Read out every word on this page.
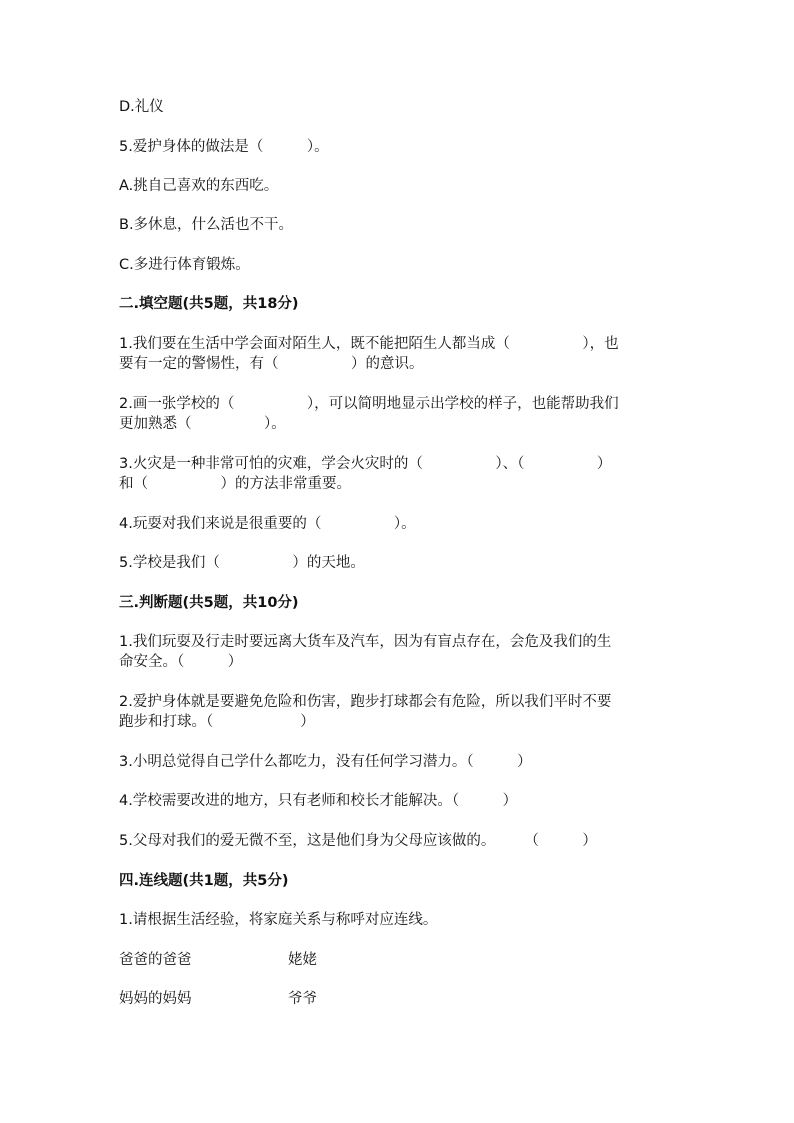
D.礼仪
5.爱护身体的做法是（　　　）。
A.挑自己喜欢的东西吃。
B.多休息，什么活也不干。
C.多进行体育锻炼。
二.填空题(共5题，共18分)
1.我们要在生活中学会面对陌生人，既不能把陌生人都当成（　　　　　），也
要有一定的警惕性，有（　　　　　）的意识。
2.画一张学校的（　　　　　），可以简明地显示出学校的样子，也能帮助我们
更加熟悉（　　　　　）。
3.火灾是一种非常可怕的灾难，学会火灾时的（　　　　　）、（　　　　　）
和（　　　　　）的方法非常重要。
4.玩耍对我们来说是很重要的（　　　　　）。
5.学校是我们（　　　　　）的天地。
三.判断题(共5题，共10分)
1.我们玩耍及行走时要远离大货车及汽车，因为有盲点存在，会危及我们的生
命安全。（　　　）
2.爱护身体就是要避免危险和伤害，跑步打球都会有危险，所以我们平时不要
跑步和打球。（　　　　　　）
3.小明总觉得自己学什么都吃力，没有任何学习潜力。（　　　）
4.学校需要改进的地方，只有老师和校长才能解决。（　　　）
5.父母对我们的爱无微不至，这是他们身为父母应该做的。　　　（　　　）
四.连线题(共1题，共5分)
1.请根据生活经验，将家庭关系与称呼对应连线。
爸爸的爸爸	姥姥
妈妈的妈妈	爷爷
